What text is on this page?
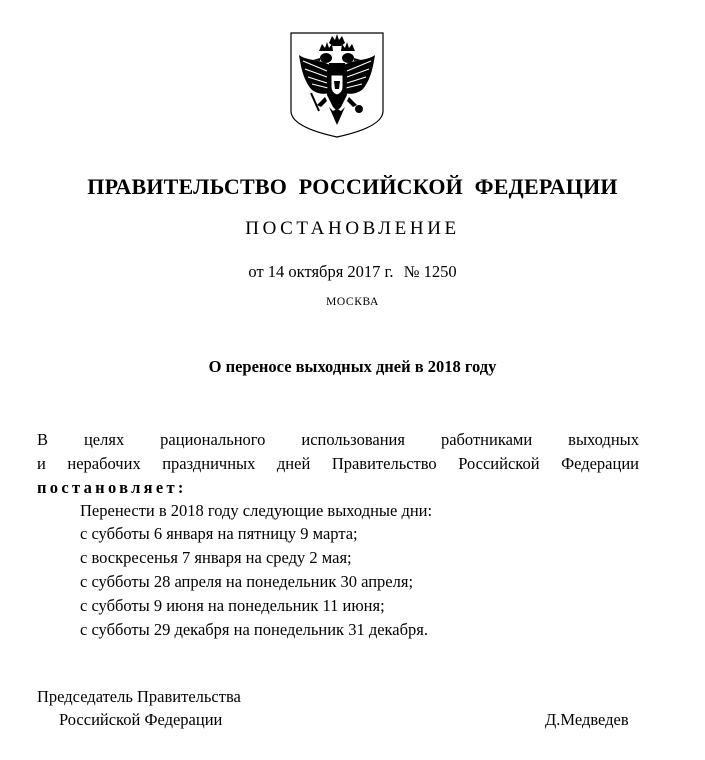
ПРАВИТЕЛЬСТВО РОССИЙСКОЙ ФЕДЕРАЦИИ
ПОСТАНОВЛЕНИЕ
от 14 октября 2017 г. № 1250
МОСКВА
О переносе выходных дней в 2018 году
В целях рационального использования работниками выходных
и нерабочих праздничных дней Правительство Российской Федерации
постановляет:
Перенести в 2018 году следующие выходные дни:
с субботы 6 января на пятницу 9 марта;
с воскресенья 7 января на среду 2 мая;
с субботы 28 апреля на понедельник 30 апреля;
с субботы 9 июня на понедельник 11 июня;
с субботы 29 декабря на понедельник 31 декабря.
Председатель Правительства
Российской Федерации	Д.Медведев
